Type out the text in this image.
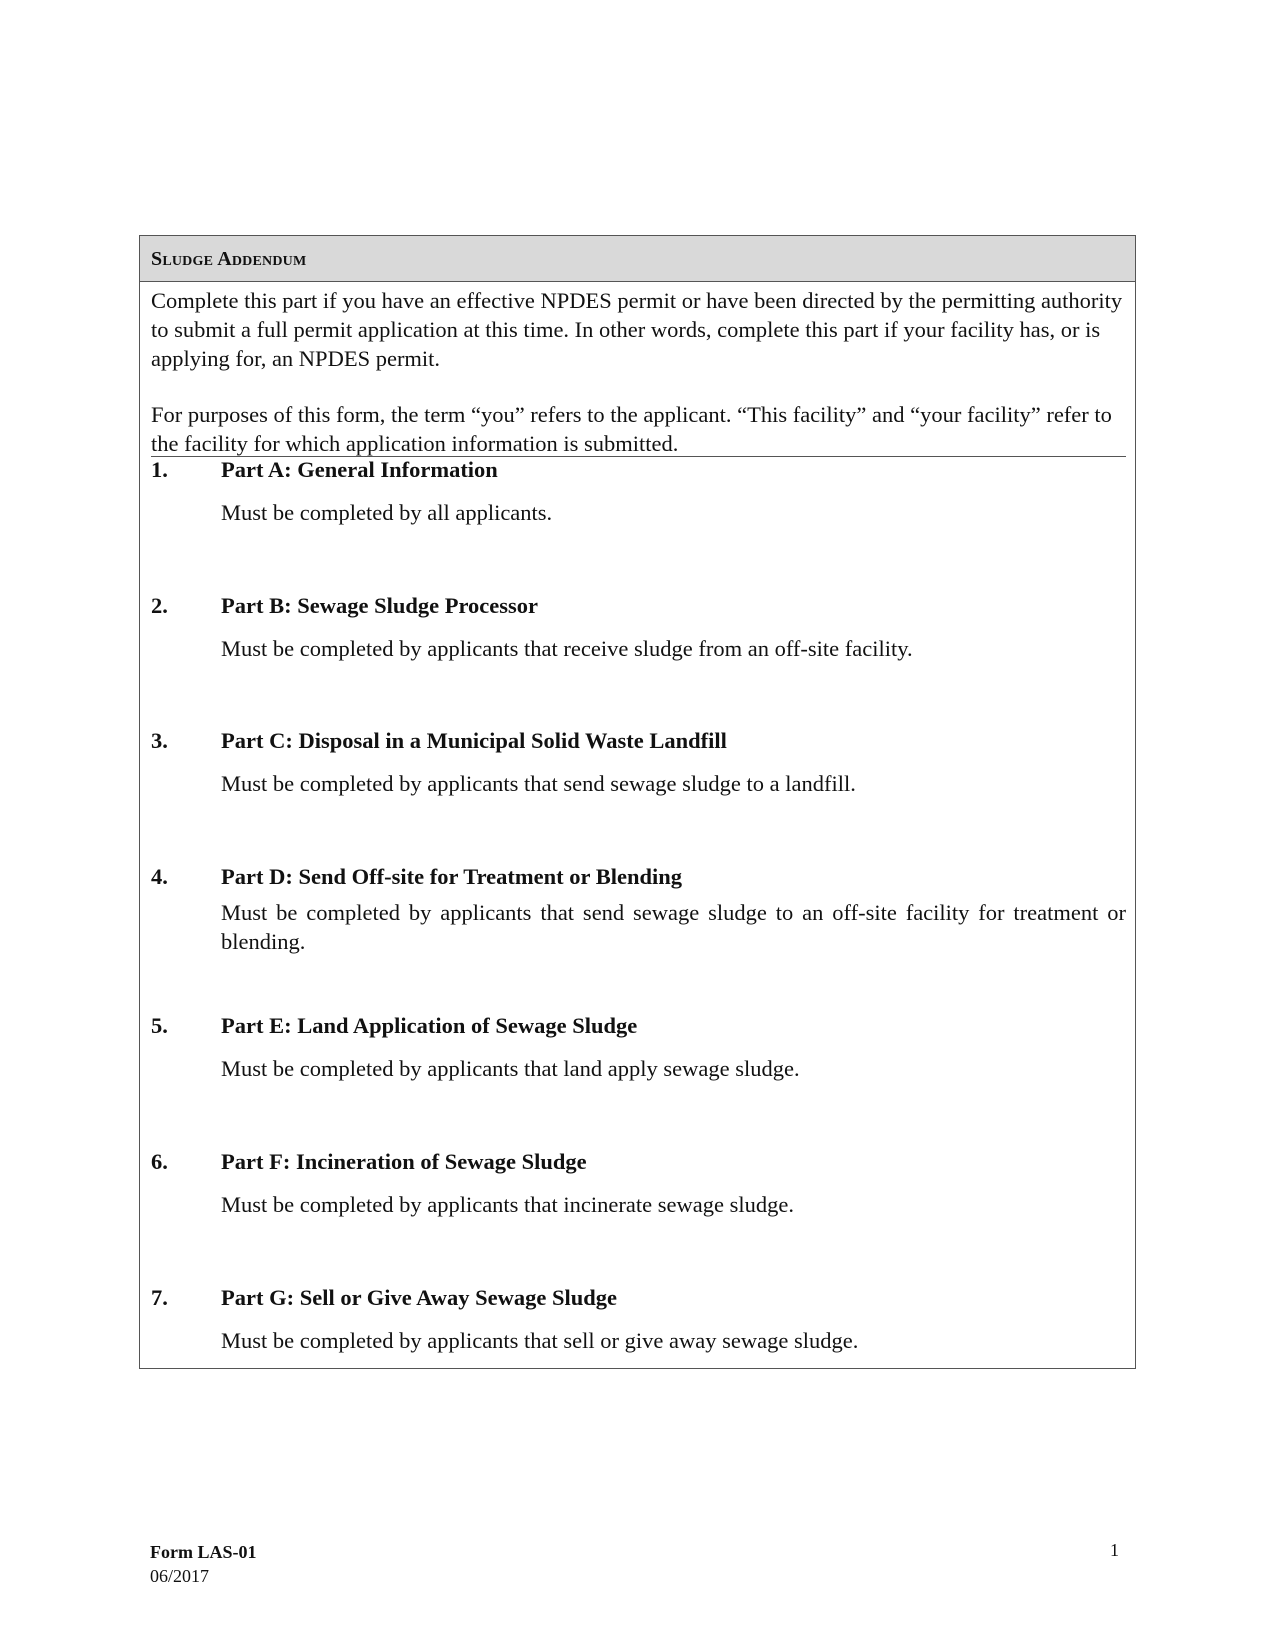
Sludge Addendum

Complete this part if you have an effective NPDES permit or have been directed by the permitting authority to submit a full permit application at this time. In other words, complete this part if your facility has, or is applying for, an NPDES permit.

For purposes of this form, the term “you” refers to the applicant. “This facility” and “your facility” refer to the facility for which application information is submitted.

1. Part A: General Information
Must be completed by all applicants.
2. Part B: Sewage Sludge Processor
Must be completed by applicants that receive sludge from an off-site facility.
3. Part C: Disposal in a Municipal Solid Waste Landfill
Must be completed by applicants that send sewage sludge to a landfill.
4. Part D: Send Off-site for Treatment or Blending
Must be completed by applicants that send sewage sludge to an off-site facility for treatment or blending.
5. Part E: Land Application of Sewage Sludge
Must be completed by applicants that land apply sewage sludge.
6. Part F: Incineration of Sewage Sludge
Must be completed by applicants that incinerate sewage sludge.
7. Part G: Sell or Give Away Sewage Sludge
Must be completed by applicants that sell or give away sewage sludge.
Form LAS-01
06/2017
1
